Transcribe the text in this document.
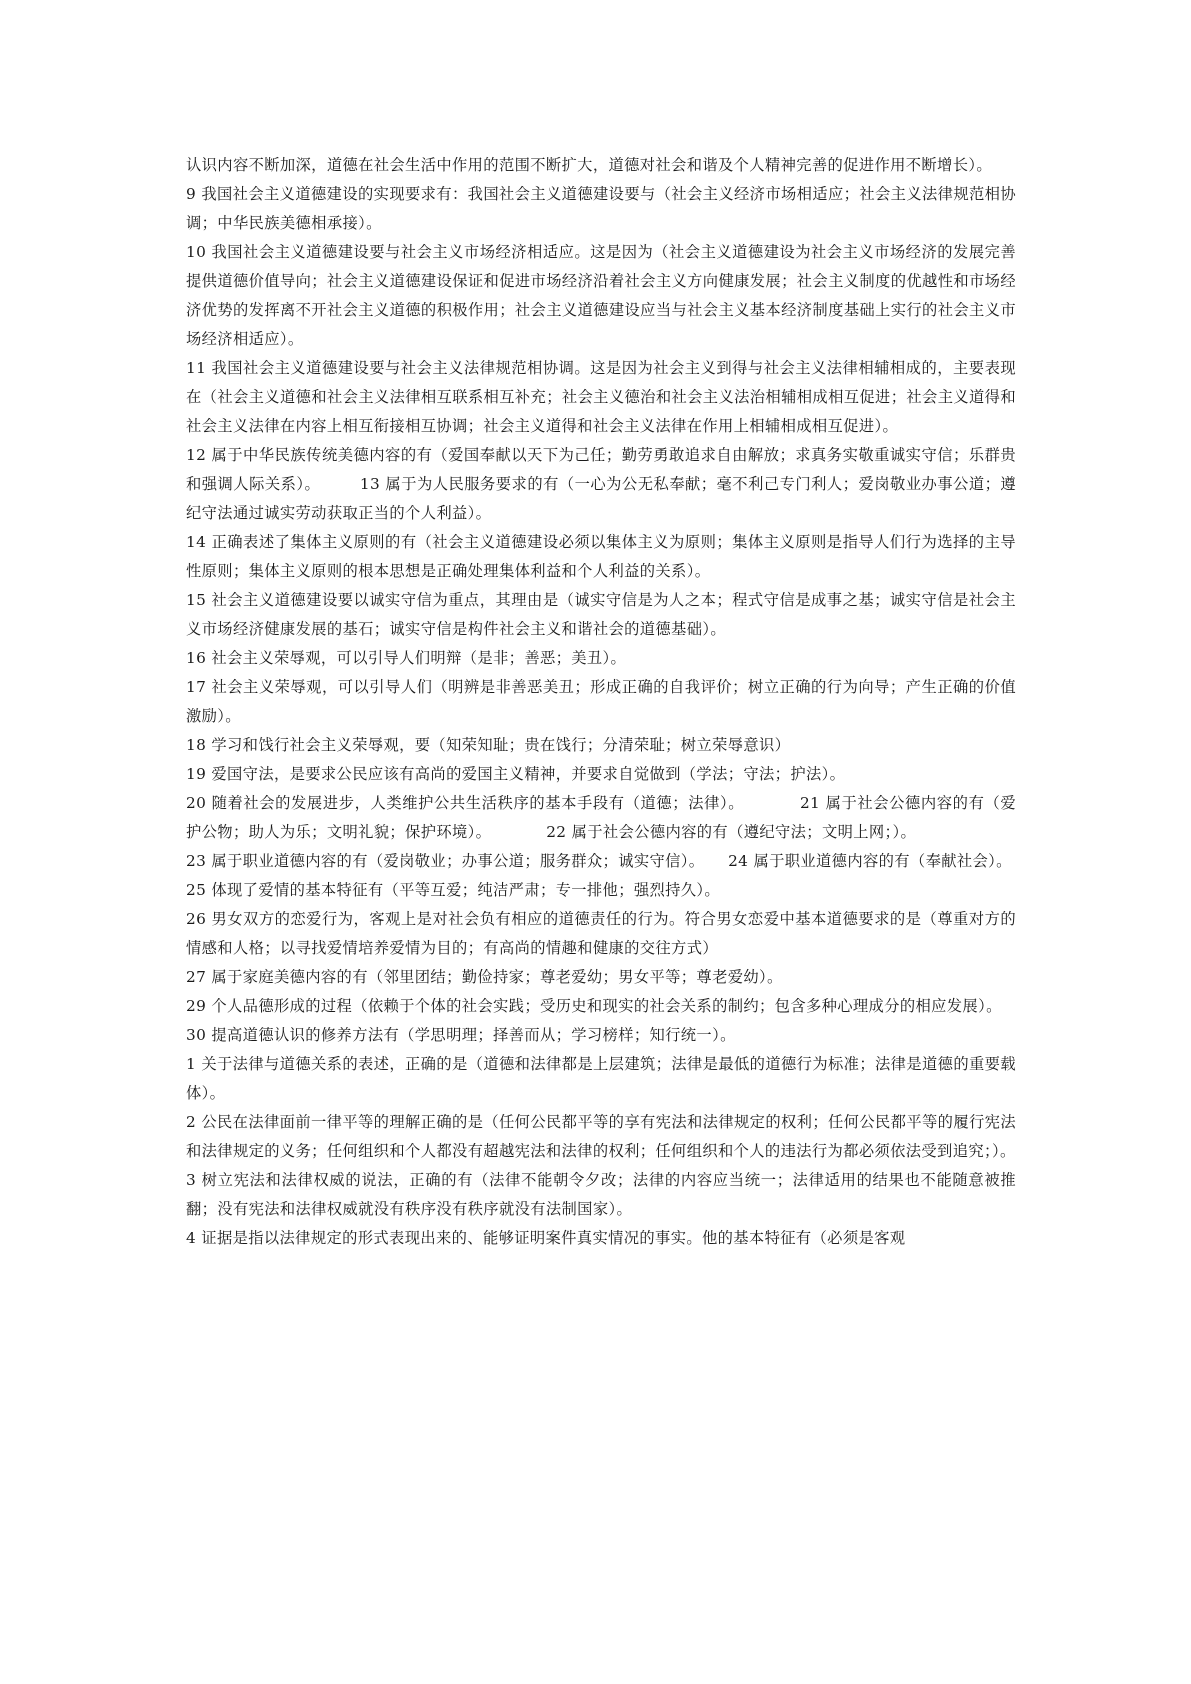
认识内容不断加深，道德在社会生活中作用的范围不断扩大，道德对社会和谐及个人精神完善的促进作用不断增长）。

9 我国社会主义道德建设的实现要求有：我国社会主义道德建设要与（社会主义经济市场相适应；社会主义法律规范相协调；中华民族美德相承接）。

10 我国社会主义道德建设要与社会主义市场经济相适应。这是因为（社会主义道德建设为社会主义市场经济的发展完善提供道德价值导向；社会主义道德建设保证和促进市场经济沿着社会主义方向健康发展；社会主义制度的优越性和市场经济优势的发挥离不开社会主义道德的积极作用；社会主义道德建设应当与社会主义基本经济制度基础上实行的社会主义市场经济相适应）。

11 我国社会主义道德建设要与社会主义法律规范相协调。这是因为社会主义到得与社会主义法律相辅相成的，主要表现在（社会主义道德和社会主义法律相互联系相互补充；社会主义德治和社会主义法治相辅相成相互促进；社会主义道得和社会主义法律在内容上相互衔接相互协调；社会主义道得和社会主义法律在作用上相辅相成相互促进）。

12 属于中华民族传统美德内容的有（爱国奉献以天下为己任；勤劳勇敢追求自由解放；求真务实敬重诚实守信；乐群贵和强调人际关系）。　　　13 属于为人民服务要求的有（一心为公无私奉献；毫不利己专门利人；爱岗敬业办事公道；遵纪守法通过诚实劳动获取正当的个人利益）。

14 正确表述了集体主义原则的有（社会主义道德建设必须以集体主义为原则；集体主义原则是指导人们行为选择的主导性原则；集体主义原则的根本思想是正确处理集体利益和个人利益的关系）。

15 社会主义道德建设要以诚实守信为重点，其理由是（诚实守信是为人之本；程式守信是成事之基；诚实守信是社会主义市场经济健康发展的基石；诚实守信是构件社会主义和谐社会的道德基础）。

16 社会主义荣辱观，可以引导人们明辩（是非；善恶；美丑）。

17 社会主义荣辱观，可以引导人们（明辨是非善恶美丑；形成正确的自我评价；树立正确的行为向导；产生正确的价值激励）。

18 学习和饯行社会主义荣辱观，要（知荣知耻；贵在饯行；分清荣耻；树立荣辱意识）

19 爱国守法，是要求公民应该有高尚的爱国主义精神，并要求自觉做到（学法；守法；护法）。

20 随着社会的发展进步，人类维护公共生活秩序的基本手段有（道德；法律）。　　　　21 属于社会公德内容的有（爱护公物；助人为乐；文明礼貌；保护环境）。　　　　22 属于社会公德内容的有（遵纪守法；文明上网；）。

23 属于职业道德内容的有（爱岗敬业；办事公道；服务群众；诚实守信）。　　24 属于职业道德内容的有（奉献社会）。

25 体现了爱情的基本特征有（平等互爱；纯洁严肃；专一排他；强烈持久）。

26 男女双方的恋爱行为，客观上是对社会负有相应的道德责任的行为。符合男女恋爱中基本道德要求的是（尊重对方的情感和人格；以寻找爱情培养爱情为目的；有高尚的情趣和健康的交往方式）

27 属于家庭美德内容的有（邻里团结；勤俭持家；尊老爱幼；男女平等；尊老爱幼）。

29 个人品德形成的过程（依赖于个体的社会实践；受历史和现实的社会关系的制约；包含多种心理成分的相应发展）。

30 提高道德认识的修养方法有（学思明理；择善而从；学习榜样；知行统一）。

1 关于法律与道德关系的表述，正确的是（道德和法律都是上层建筑；法律是最低的道德行为标准；法律是道德的重要载体）。

2 公民在法律面前一律平等的理解正确的是（任何公民都平等的享有宪法和法律规定的权利；任何公民都平等的履行宪法和法律规定的义务；任何组织和个人都没有超越宪法和法律的权利；任何组织和个人的违法行为都必须依法受到追究；）。

3 树立宪法和法律权威的说法，正确的有（法律不能朝令夕改；法律的内容应当统一；法律适用的结果也不能随意被推翻；没有宪法和法律权威就没有秩序没有秩序就没有法制国家）。

4 证据是指以法律规定的形式表现出来的、能够证明案件真实情况的事实。他的基本特征有（必须是客观
